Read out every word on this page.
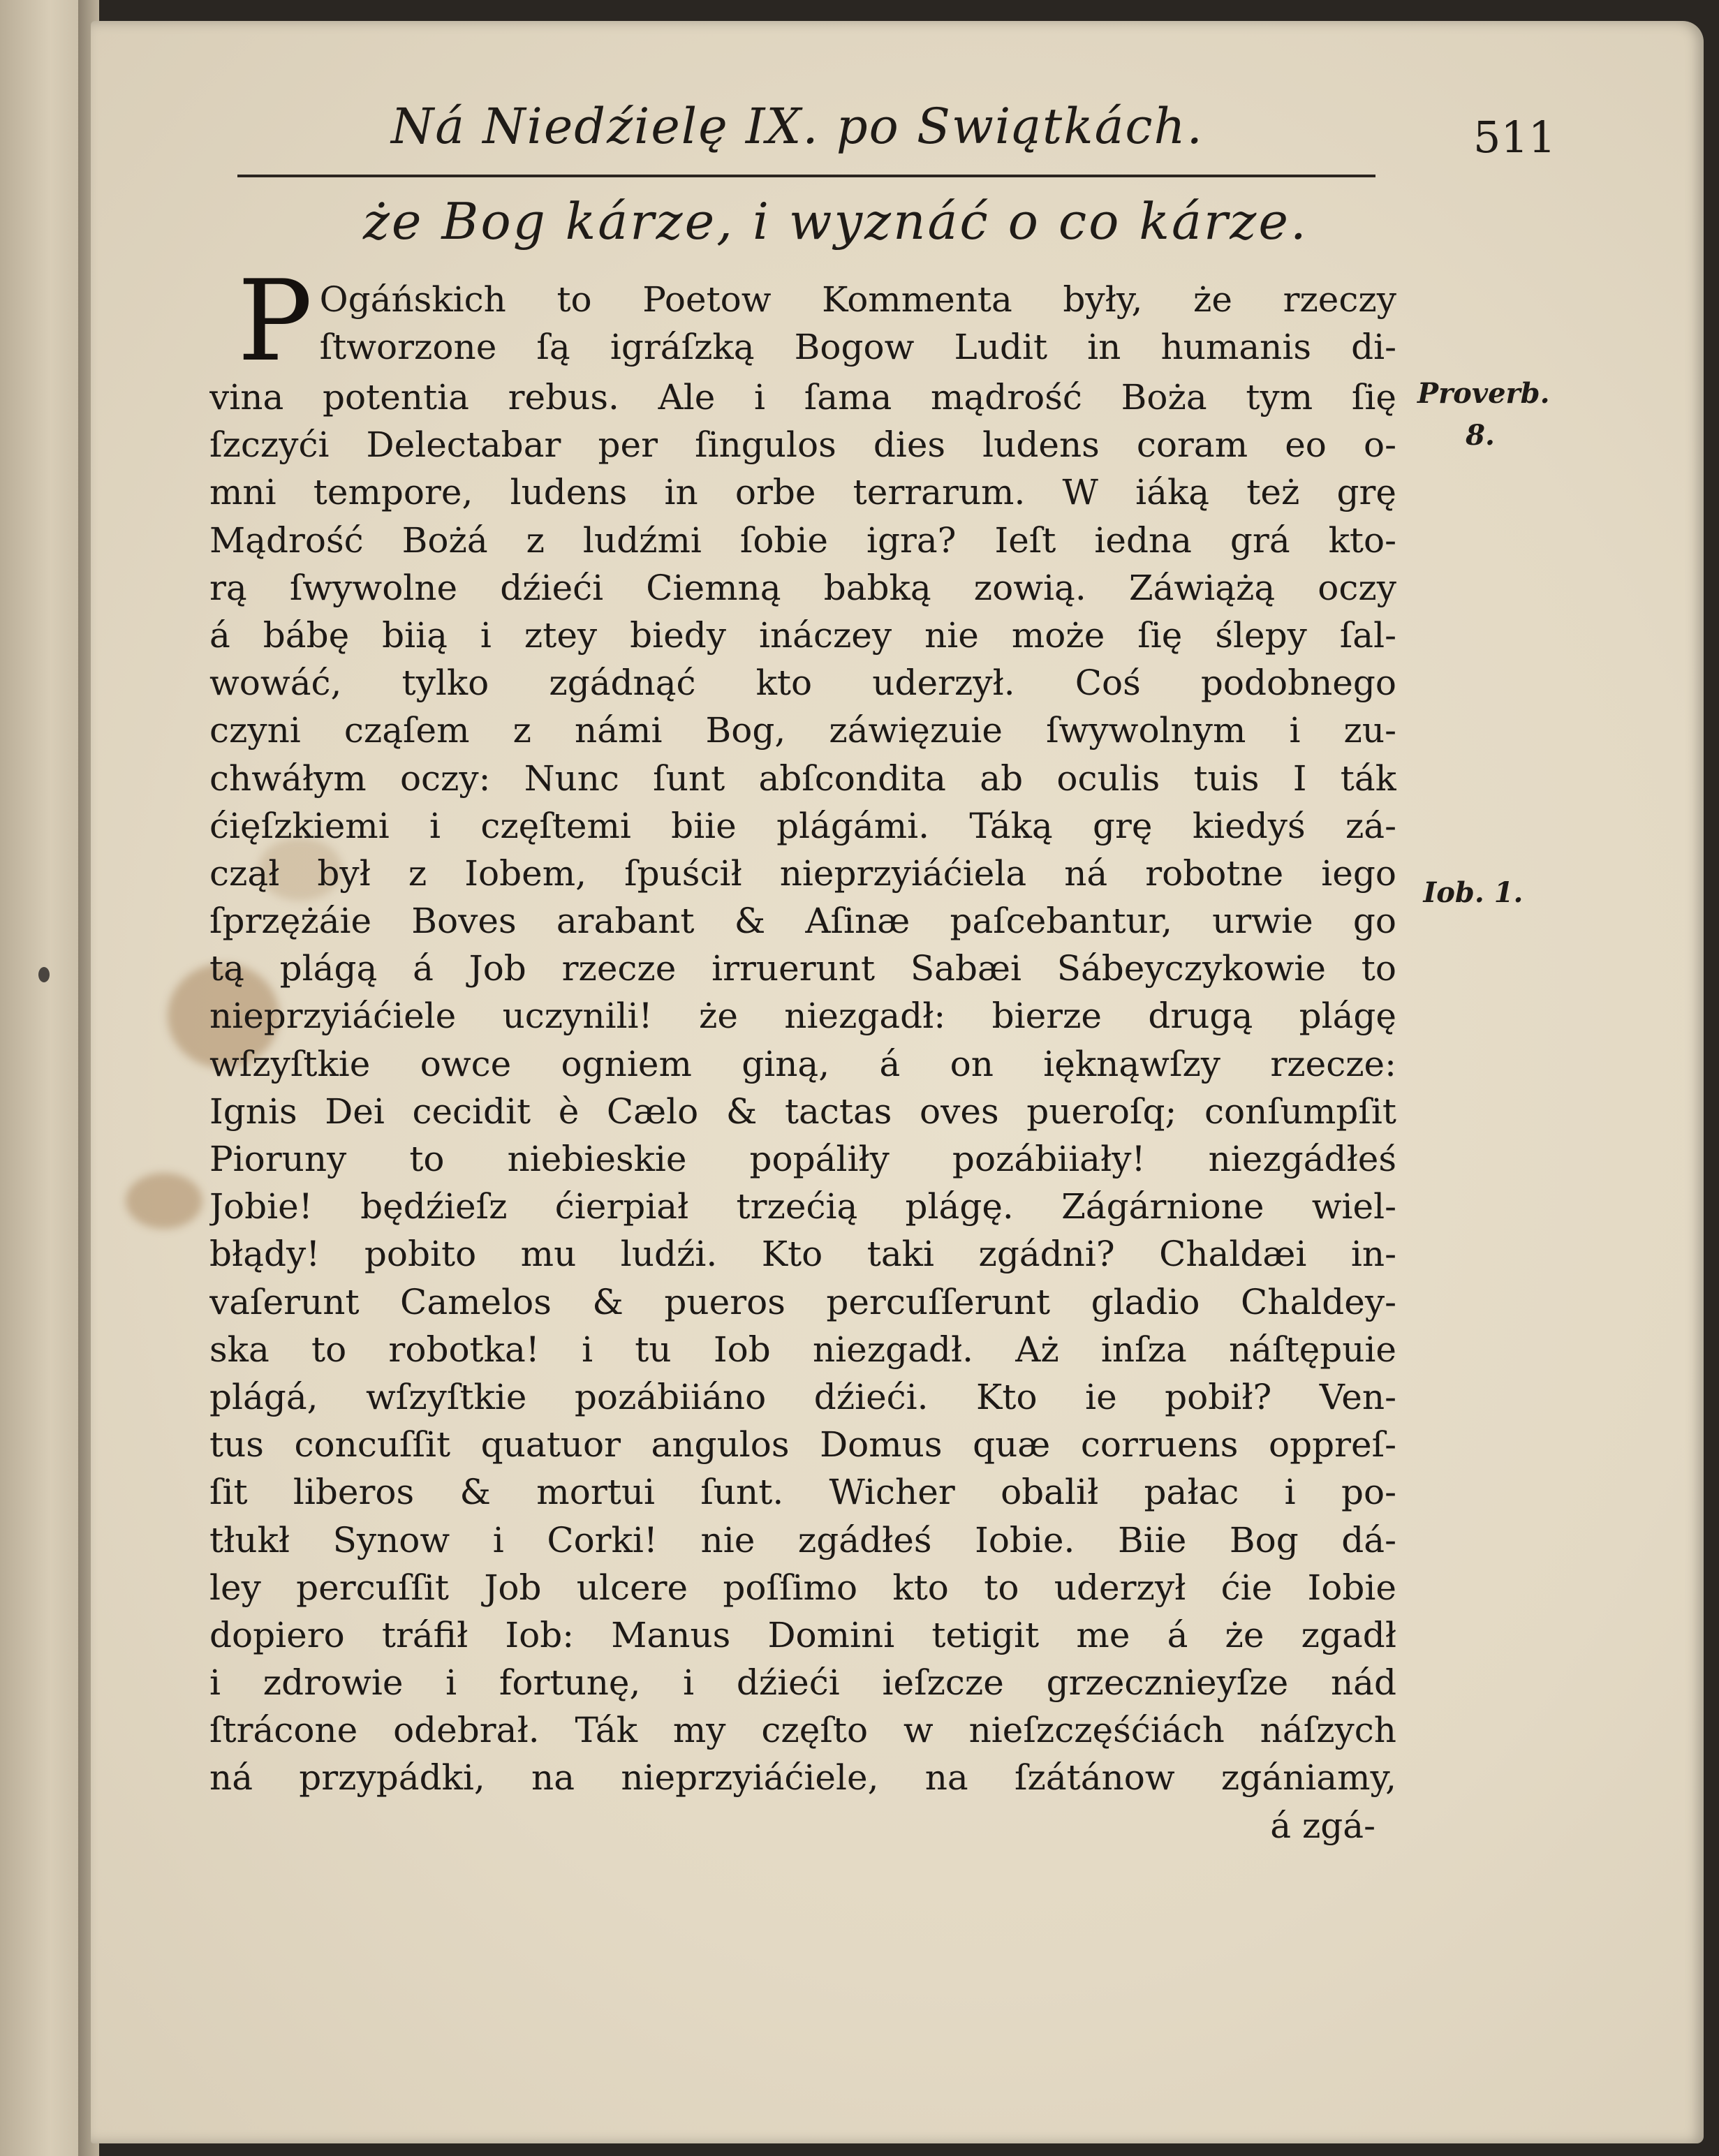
Ná Niedźielę IX. po Swiątkách.	511
że Bog kárze, i wyznáć o co kárze.
P Ogáńskich to Poetow Kommenta były, że rzeczy
ſtworzone ſą igráſzką Bogow Ludit in humanis di-
vina potentia rebus. Ale i ſama mądrość Boża tym ſię
ſzczyći Delectabar per ſingulos dies ludens coram eo o-
mni tempore, ludens in orbe terrarum. W iáką też grę
Mądrość Bożá z ludźmi ſobie igra? Ieſt iedna grá kto-
rą ſwywolne dźieći Ciemną babką zowią. Záwiążą oczy
á bábę biią i ztey biedy ináczey nie może ſię ślepy ſal-
wowáć, tylko zgádnąć kto uderzył. Coś podobnego
czyni cząſem z námi Bog, záwięzuie ſwywolnym i zu-
chwáłym oczy: Nunc ſunt abſcondita ab oculis tuis I ták
ćięſzkiemi i częſtemi biie plágámi. Táką grę kiedyś zá-
czął był z Iobem, ſpuścił nieprzyiáćiela ná robotne iego
ſprzężáie Boves arabant & Aſinæ paſcebantur, urwie go
tą plágą á Job rzecze irruerunt Sabæi Sábeyczykowie to
nieprzyiáćiele uczynili! że niezgadł: bierze drugą plágę
wſzyſtkie owce ogniem giną, á on ięknąwſzy rzecze:
Ignis Dei cecidit è Cælo & tactas oves pueroſq; conſumpſit
Pioruny to niebieskie popáliły pozábiiały! niezgádłeś
Jobie! będźieſz ćierpiał trzećią plágę. Zágárnione wiel-
błądy! pobito mu ludźi. Kto taki zgádni? Chaldæi in-
vaſerunt Camelos & pueros percuſſerunt gladio Chaldey-
ska to robotka! i tu Iob niezgadł. Aż inſza náſtępuie
plágá, wſzyſtkie pozábiiáno dźieći. Kto ie pobił? Ven-
tus concuſſit quatuor angulos Domus quæ corruens oppreſ-
ſit liberos & mortui ſunt. Wicher obalił pałac i po-
tłukł Synow i Corki! nie zgádłeś Iobie. Biie Bog dá-
ley percuſſit Job ulcere poſſimo kto to uderzył ćie Iobie
dopiero tráfił Iob: Manus Domini tetigit me á że zgadł
i zdrowie i fortunę, i dźieći ieſzcze grzecznieyſze nád
ſtrácone odebrał. Ták my częſto w nieſzczęśćiách náſzych
ná przypádki, na nieprzyiáćiele, na ſzátánow zgániamy,
á zgá-
Proverb.
8.
Iob. 1.
